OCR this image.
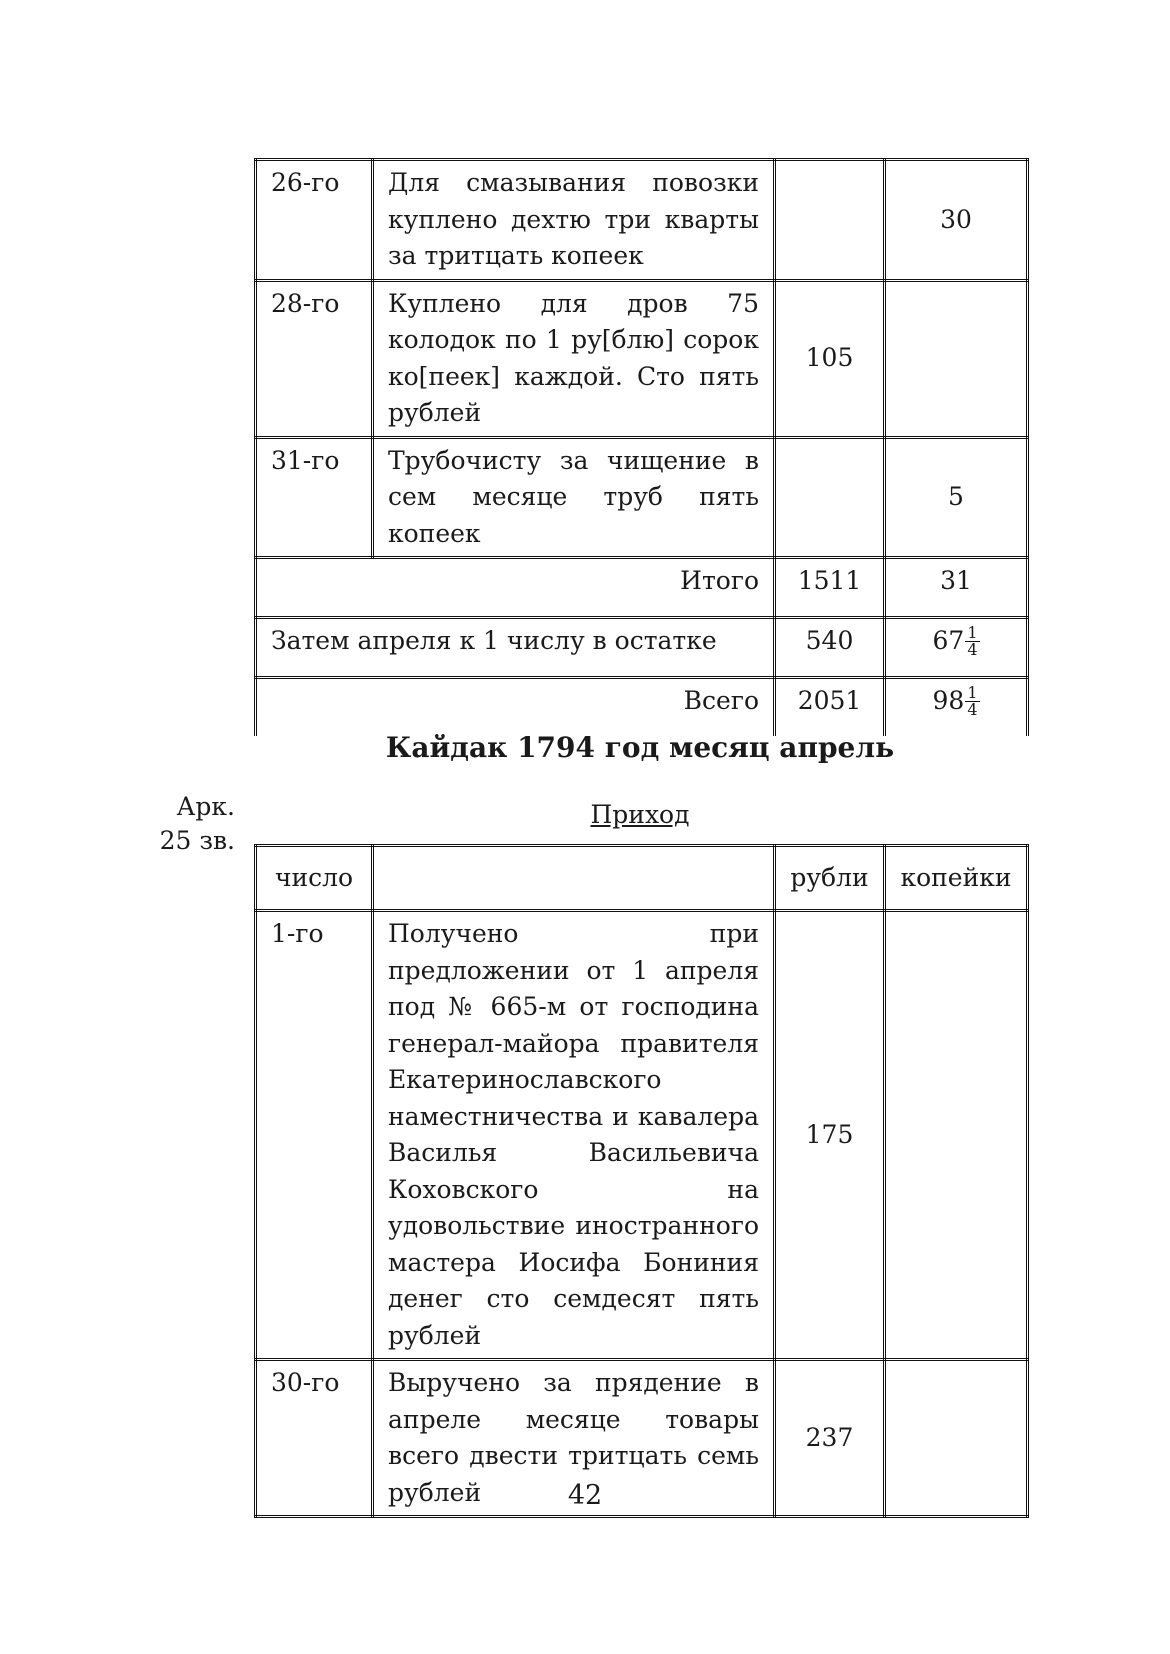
26-го	Для смазывания повозки куплено дехтю три кварты за тритцать копеек		30
28-го	Куплено для дров 75 колодок по 1 ру[блю] сорок ко[пеек] каждой. Сто пять рублей	105	
31-го	Трубочисту за чищение в сем месяце труб пять копеек		5
Итого		1511	31
Затем апреля к 1 числу в остатке		540	$67 \frac{1}{4}$

Всего		2051	$98 \frac{1}{4}$
Кайдак 1794 год месяц апрель
Арк.
25 зв.
Приход
число		рубли	копейки
1-го	Получено при предложении от 1 апреля под № 665-м от господина генерал-майора правителя Екатеринославского наместничества и кавалера Василья Васильевича Коховского на удовольствие иностранного мастера Иосифа Бониния денег сто семдесят пять рублей	175	
30-го	Выручено за прядение в апреле месяце товары всего двести тритцать семь рублей	237	
42
